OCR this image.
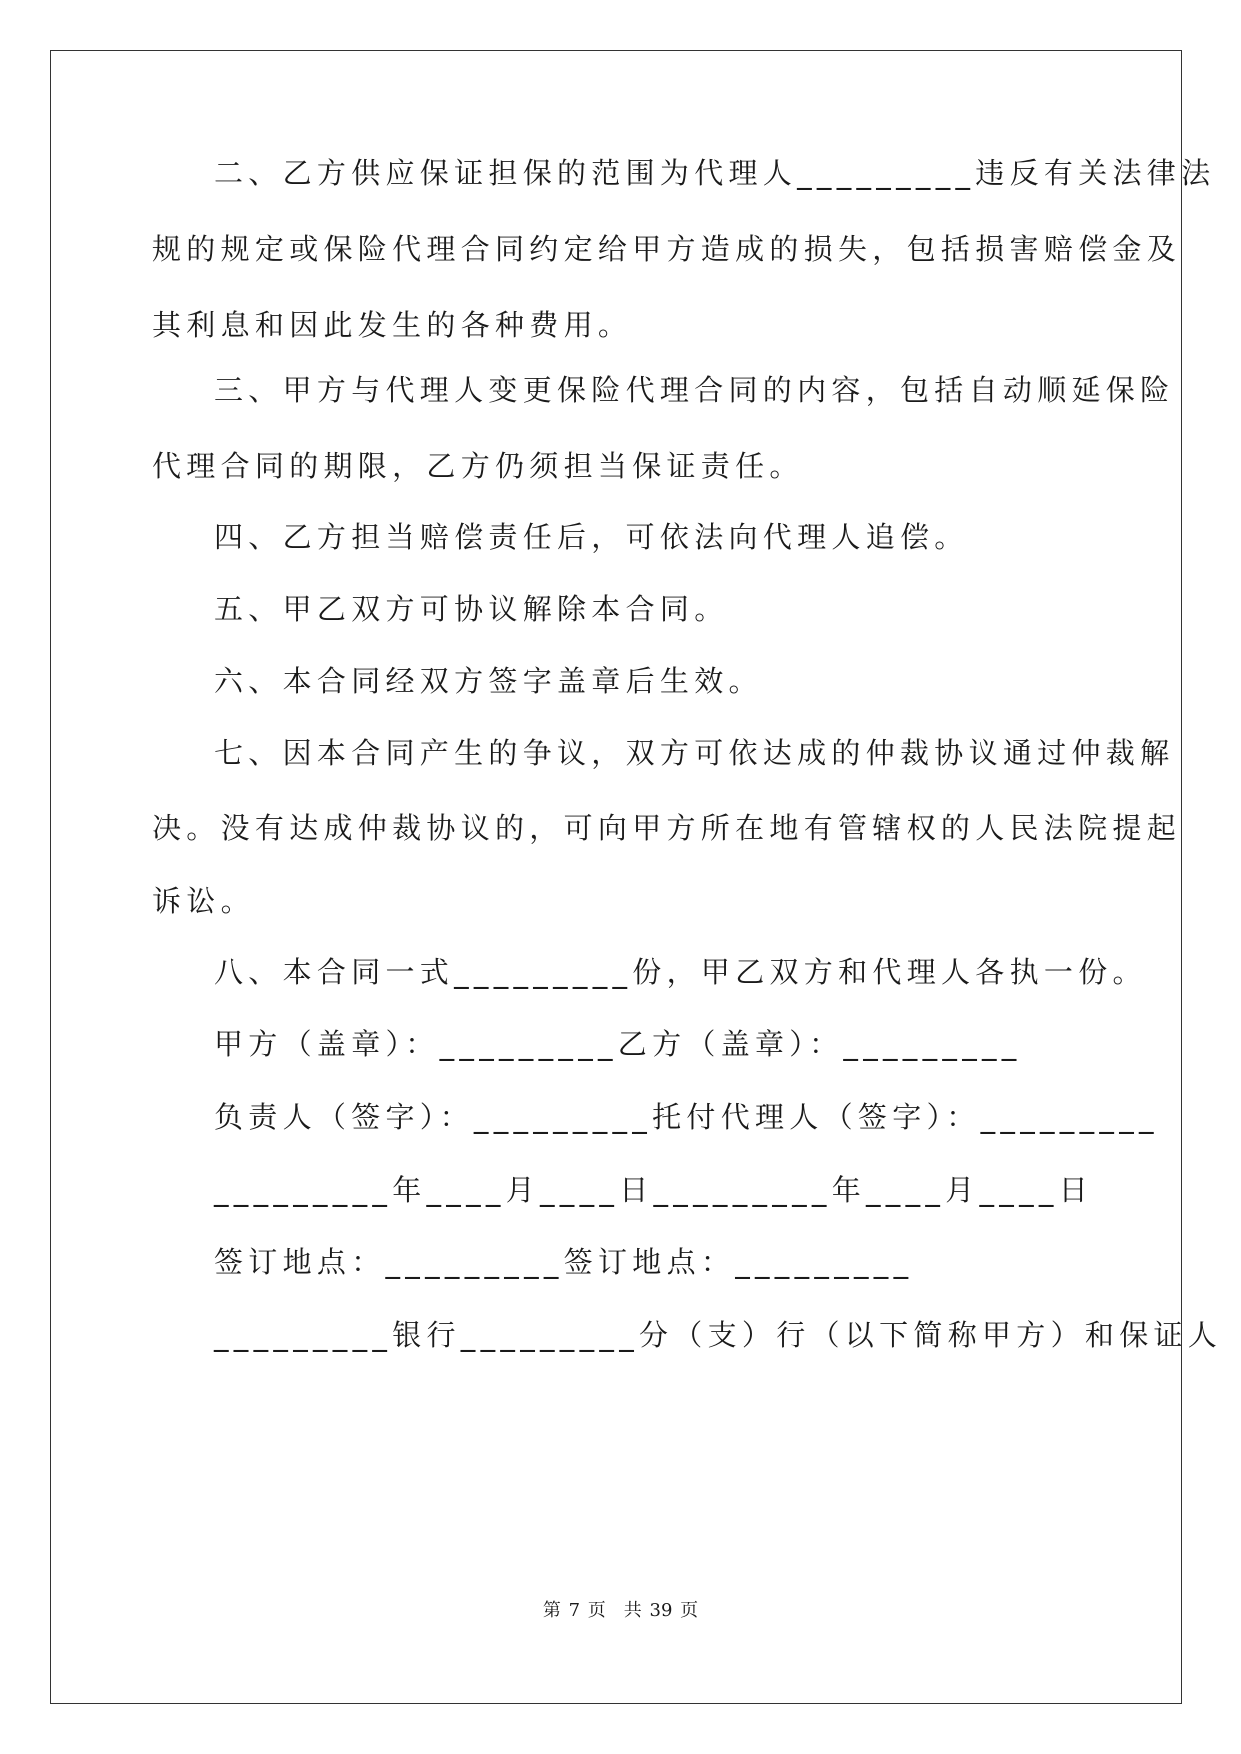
二、乙方供应保证担保的范围为代理人_________违反有关法律法
规的规定或保险代理合同约定给甲方造成的损失，包括损害赔偿金及
其利息和因此发生的各种费用。
三、甲方与代理人变更保险代理合同的内容，包括自动顺延保险
代理合同的期限，乙方仍须担当保证责任。
四、乙方担当赔偿责任后，可依法向代理人追偿。
五、甲乙双方可协议解除本合同。
六、本合同经双方签字盖章后生效。
七、因本合同产生的争议，双方可依达成的仲裁协议通过仲裁解
决。没有达成仲裁协议的，可向甲方所在地有管辖权的人民法院提起
诉讼。
八、本合同一式_________份，甲乙双方和代理人各执一份。
甲方（盖章）：_________乙方（盖章）：_________
负责人（签字）：_________托付代理人（签字）：_________
_________年____月____日_________年____月____日
签订地点：_________签订地点：_________
_________银行_________分（支）行（以下简称甲方）和保证人
第 7 页　共 39 页
